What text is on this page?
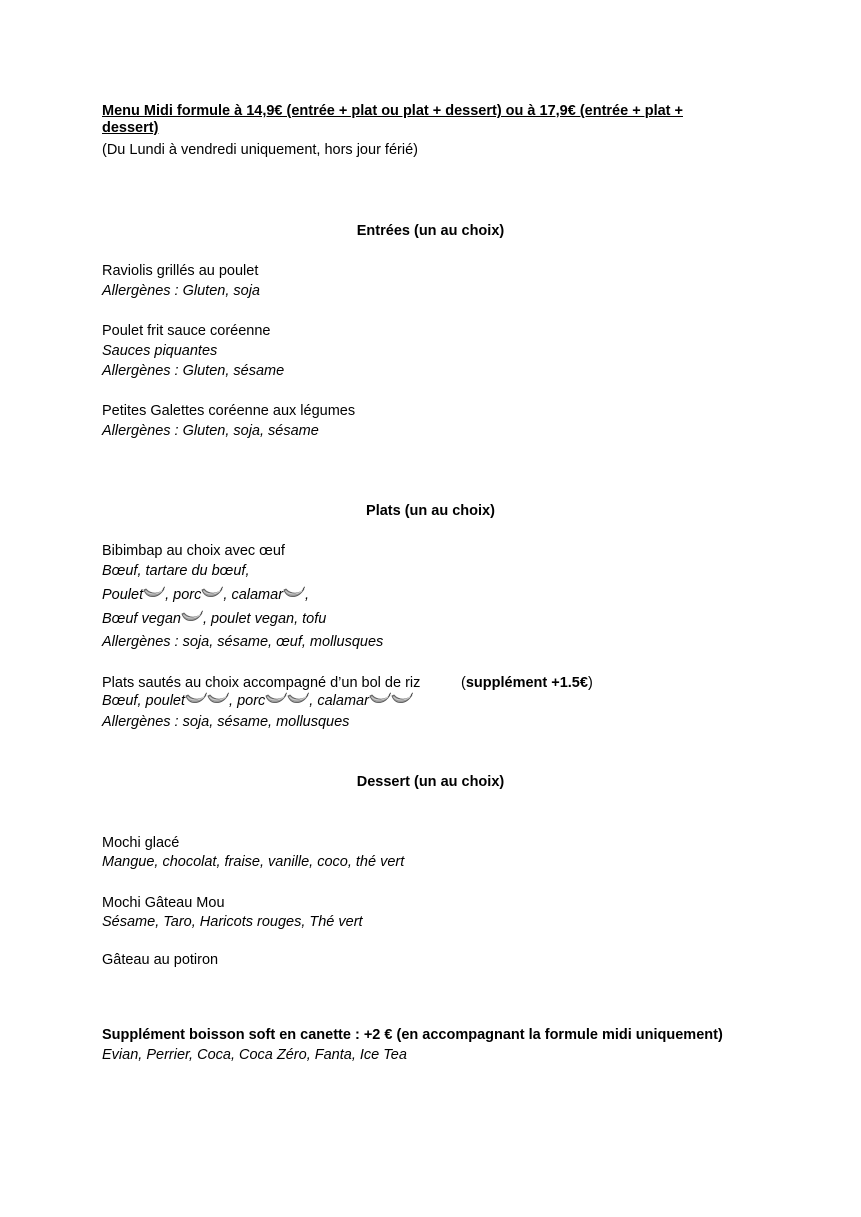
Menu Midi formule à 14,9€ (entrée + plat ou plat + dessert) ou à 17,9€ (entrée + plat + dessert)
(Du Lundi à vendredi uniquement, hors jour férié)
Entrées (un au choix)
Raviolis grillés au poulet
Allergènes : Gluten, soja
Poulet frit sauce coréenne
Sauces piquantes
Allergènes : Gluten, sésame
Petites Galettes coréenne aux légumes
Allergènes : Gluten, soja, sésame
Plats (un au choix)
Bibimbap au choix avec œuf
Bœuf, tartare du bœuf,
Poulet , porc , calamar ,
Bœuf vegan , poulet vegan, tofu
Allergènes : soja, sésame, œuf, mollusques
Plats sautés au choix accompagné d’un bol de riz	(supplément +1.5€)
Bœuf, poulet	, porc	, calamar
Allergènes : soja, sésame, mollusques
Dessert (un au choix)
Mochi glacé
Mangue, chocolat, fraise, vanille, coco, thé vert
Mochi Gâteau Mou
Sésame, Taro, Haricots rouges, Thé vert
Gâteau au potiron
Supplément boisson soft en canette : +2 € (en accompagnant la formule midi uniquement)
Evian, Perrier, Coca, Coca Zéro, Fanta, Ice Tea
